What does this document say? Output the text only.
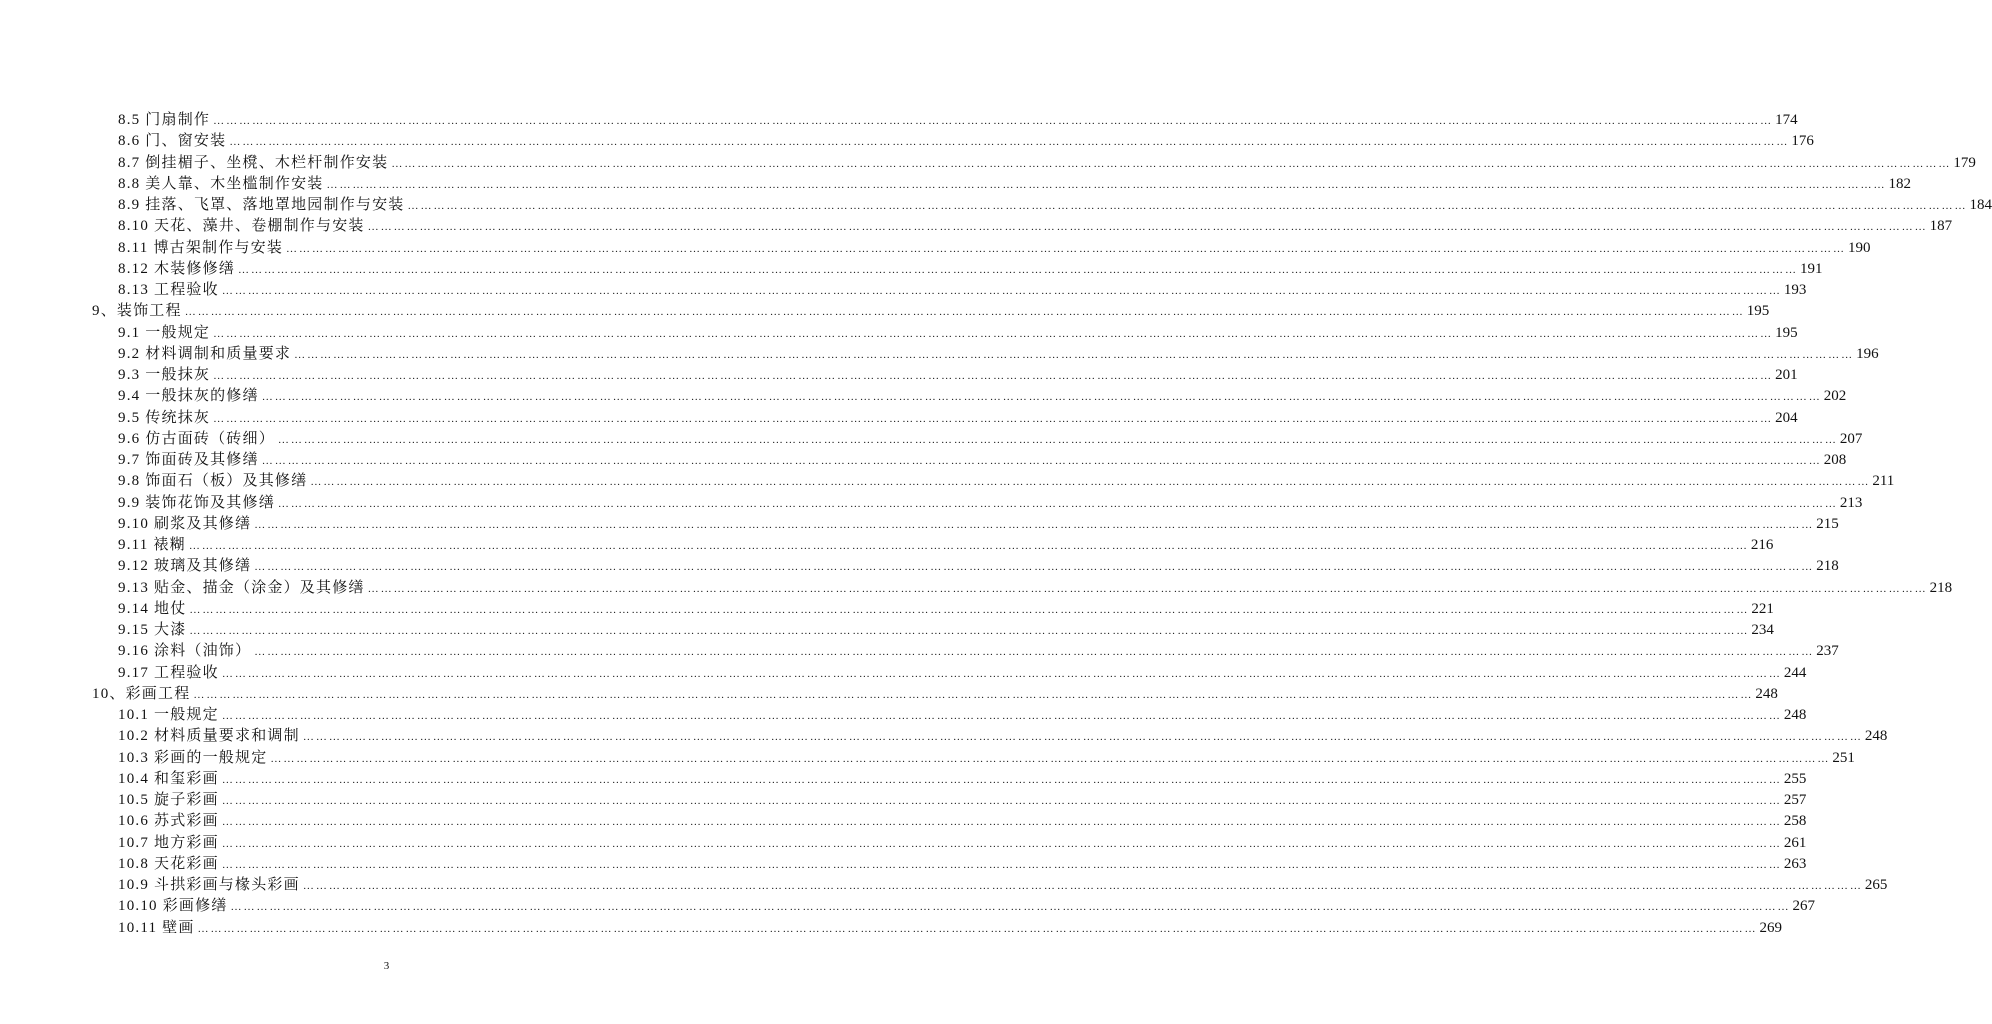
8.5 门扇制作 ……………………………………………………………………………………………………………………………………………………………………………………………………………………………………………………………………………………………………………………………… 174
8.6 门、窗安装 ……………………………………………………………………………………………………………………………………………………………………………………………………………………………………………………………………………………………………………………………… 176
8.7 倒挂楣子、坐櫈、木栏杆制作安装 ……………………………………………………………………………………………………………………………………………………………………………………………………………………………………………………………………………………………………………………………… 179
8.8 美人靠、木坐槛制作安装 ……………………………………………………………………………………………………………………………………………………………………………………………………………………………………………………………………………………………………………………………… 182
8.9 挂落、飞罩、落地罩地园制作与安装 ……………………………………………………………………………………………………………………………………………………………………………………………………………………………………………………………………………………………………………………………… 184
8.10 天花、藻井、卷棚制作与安装 ……………………………………………………………………………………………………………………………………………………………………………………………………………………………………………………………………………………………………………………………… 187
8.11 博古架制作与安装 ……………………………………………………………………………………………………………………………………………………………………………………………………………………………………………………………………………………………………………………………… 190
8.12 木装修修缮 ……………………………………………………………………………………………………………………………………………………………………………………………………………………………………………………………………………………………………………………………… 191
8.13 工程验收 ……………………………………………………………………………………………………………………………………………………………………………………………………………………………………………………………………………………………………………………………… 193
9、装饰工程 ……………………………………………………………………………………………………………………………………………………………………………………………………………………………………………………………………………………………………………………………… 195
9.1 一般规定 ……………………………………………………………………………………………………………………………………………………………………………………………………………………………………………………………………………………………………………………………… 195
9.2 材料调制和质量要求 ……………………………………………………………………………………………………………………………………………………………………………………………………………………………………………………………………………………………………………………………… 196
9.3 一般抹灰 ……………………………………………………………………………………………………………………………………………………………………………………………………………………………………………………………………………………………………………………………… 201
9.4 一般抹灰的修缮 ……………………………………………………………………………………………………………………………………………………………………………………………………………………………………………………………………………………………………………………………… 202
9.5 传统抹灰 ……………………………………………………………………………………………………………………………………………………………………………………………………………………………………………………………………………………………………………………………… 204
9.6 仿古面砖（砖细） ……………………………………………………………………………………………………………………………………………………………………………………………………………………………………………………………………………………………………………………………… 207
9.7 饰面砖及其修缮 ……………………………………………………………………………………………………………………………………………………………………………………………………………………………………………………………………………………………………………………………… 208
9.8 饰面石（板）及其修缮 ……………………………………………………………………………………………………………………………………………………………………………………………………………………………………………………………………………………………………………………………… 211
9.9 装饰花饰及其修缮 ……………………………………………………………………………………………………………………………………………………………………………………………………………………………………………………………………………………………………………………………… 213
9.10 刷浆及其修缮 ……………………………………………………………………………………………………………………………………………………………………………………………………………………………………………………………………………………………………………………………… 215
9.11 裱糊 ……………………………………………………………………………………………………………………………………………………………………………………………………………………………………………………………………………………………………………………………… 216
9.12 玻璃及其修缮 ……………………………………………………………………………………………………………………………………………………………………………………………………………………………………………………………………………………………………………………………… 218
9.13 贴金、描金（涂金）及其修缮 ……………………………………………………………………………………………………………………………………………………………………………………………………………………………………………………………………………………………………………………………… 218
9.14 地仗 ……………………………………………………………………………………………………………………………………………………………………………………………………………………………………………………………………………………………………………………………… 221
9.15 大漆 ……………………………………………………………………………………………………………………………………………………………………………………………………………………………………………………………………………………………………………………………… 234
9.16 涂料（油饰） ……………………………………………………………………………………………………………………………………………………………………………………………………………………………………………………………………………………………………………………………… 237
9.17 工程验收 ……………………………………………………………………………………………………………………………………………………………………………………………………………………………………………………………………………………………………………………………… 244
10、彩画工程 ……………………………………………………………………………………………………………………………………………………………………………………………………………………………………………………………………………………………………………………………… 248
10.1 一般规定 ……………………………………………………………………………………………………………………………………………………………………………………………………………………………………………………………………………………………………………………………… 248
10.2 材料质量要求和调制 ……………………………………………………………………………………………………………………………………………………………………………………………………………………………………………………………………………………………………………………………… 248
10.3 彩画的一般规定 ……………………………………………………………………………………………………………………………………………………………………………………………………………………………………………………………………………………………………………………………… 251
10.4 和玺彩画 ……………………………………………………………………………………………………………………………………………………………………………………………………………………………………………………………………………………………………………………………… 255
10.5 旋子彩画 ……………………………………………………………………………………………………………………………………………………………………………………………………………………………………………………………………………………………………………………………… 257
10.6 苏式彩画 ……………………………………………………………………………………………………………………………………………………………………………………………………………………………………………………………………………………………………………………………… 258
10.7 地方彩画 ……………………………………………………………………………………………………………………………………………………………………………………………………………………………………………………………………………………………………………………………… 261
10.8 天花彩画 ……………………………………………………………………………………………………………………………………………………………………………………………………………………………………………………………………………………………………………………………… 263
10.9 斗拱彩画与椽头彩画 ……………………………………………………………………………………………………………………………………………………………………………………………………………………………………………………………………………………………………………………………… 265
10.10 彩画修缮 ……………………………………………………………………………………………………………………………………………………………………………………………………………………………………………………………………………………………………………………………… 267
10.11 壁画 ……………………………………………………………………………………………………………………………………………………………………………………………………………………………………………………………………………………………………………………………… 269
3
